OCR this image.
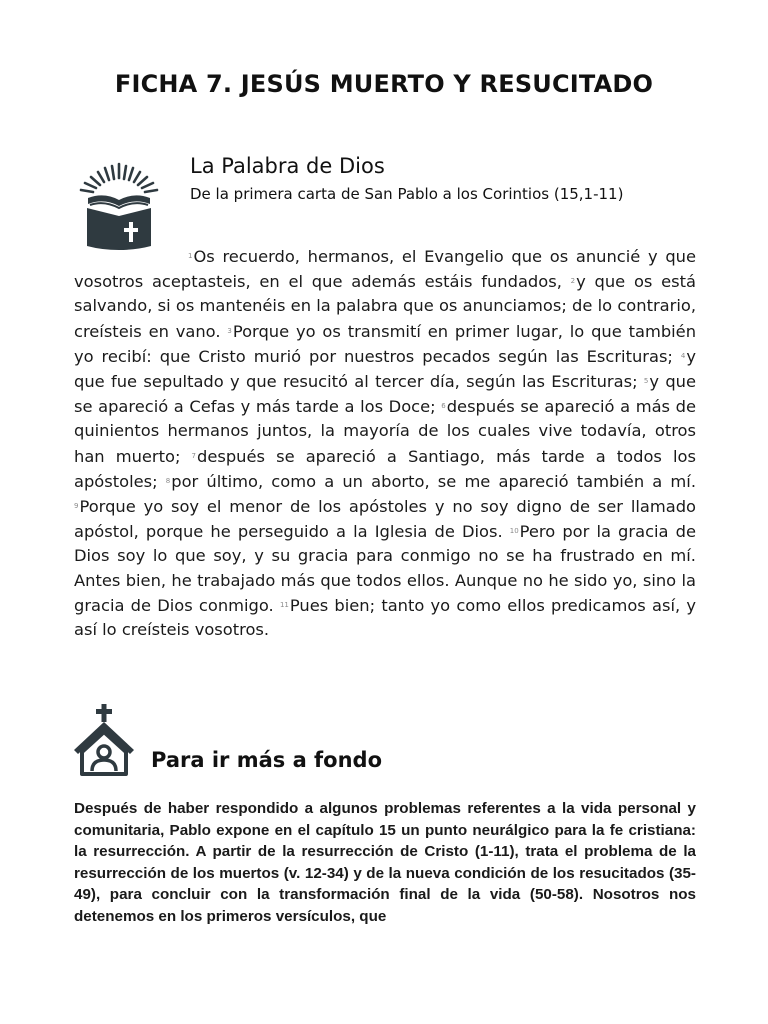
FICHA 7. JESÚS MUERTO Y RESUCITADO
La Palabra de Dios
De la primera carta de San Pablo a los Corintios (15,1-11)

$^1$Os recuerdo, hermanos, el Evangelio que os anuncié y que vosotros aceptasteis, en el que además estáis fundados, $^2$y que os está salvando, si os mantenéis en la palabra que os anunciamos; de lo contrario, creísteis en vano. $^3$Porque yo os transmití en primer lugar, lo que también yo recibí: que Cristo murió por nuestros pecados según las Escrituras; $^4$y que fue sepultado y que resucitó al tercer día, según las Escrituras; $^5$y que se apareció a Cefas y más tarde a los Doce; $^6$después se apareció a más de quinientos hermanos juntos, la mayoría de los cuales vive todavía, otros han muerto; $^7$después se apareció a Santiago, más tarde a todos los apóstoles; $^8$por último, como a un aborto, se me apareció también a mí. $^9$Porque yo soy el menor de los apóstoles y no soy digno de ser llamado apóstol, porque he perseguido a la Iglesia de Dios. $^{10}$Pero por la gracia de Dios soy lo que soy, y su gracia para conmigo no se ha frustrado en mí. Antes bien, he trabajado más que todos ellos. Aunque no he sido yo, sino la gracia de Dios conmigo. $^{11}$Pues bien; tanto yo como ellos predicamos así, y así lo creísteis vosotros.

Para ir más a fondo

Después de haber respondido a algunos problemas referentes a la vida personal y comunitaria, Pablo expone en el capítulo 15 un punto neurálgico para la fe cristiana: la resurrección. A partir de la resurrección de Cristo (1-11), trata el problema de la resurrección de los muertos (v. 12-34) y de la nueva condición de los resucitados (35-49), para concluir con la transformación final de la vida (50-58). Nosotros nos detenemos en los primeros versículos, que
